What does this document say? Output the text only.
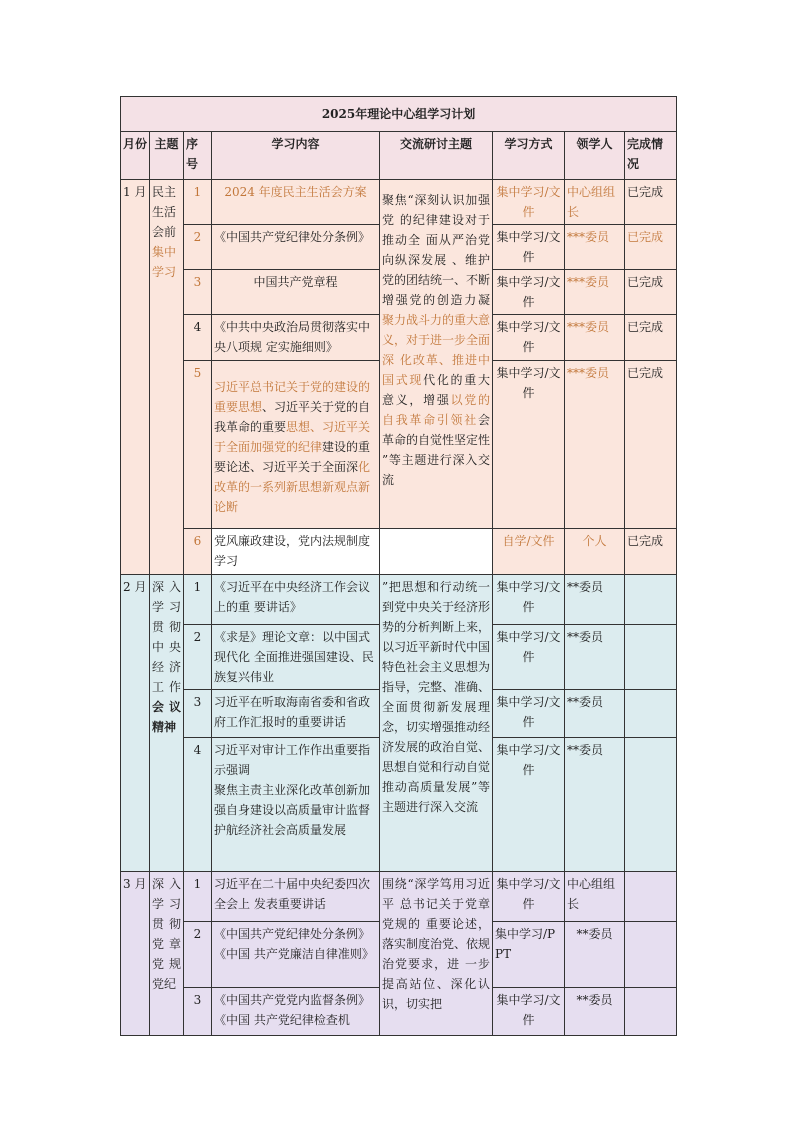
2025年理论中心组学习计划							
月份	主题	序号	学习内容	交流研讨主题	学习方式	领学人	完成情况
1 月	民主生活会前集中学习	1	2024 年度民主生活会方案	聚焦“深刻认识加强党 的纪律建设对于推动全 面从严治党向纵深发展 、维护党的团结统一、不断增强党的创造力凝聚力战斗力的重大意义，对于进一步全面深 化改革、推进中国式现代化的重大意义，增强以党的自我革命引领社会革命的自觉性坚定性 ”等主题进行深入交流	集中学习/文件	中心组组长	已完成
		2	《中国共产党纪律处分条例》		集中学习/文件	***委员	已完成
		3	中国共产党章程		集中学习/文件	***委员	已完成
		4	《中共中央政治局贯彻落实中央八项规 定实施细则》		集中学习/文件	***委员	已完成
		5	习近平总书记关于党的建设的重要思想、习近平关于党的自我革命的重要思想、习近平关于全面加强党的纪律建设的重要论述、习近平关于全面深化改革的一系列新思想新观点新论断		集中学习/文件	***委员	已完成
		6	党风廉政建设，党内法规制度学习		自学/文件	个人	已完成
2 月	深 入 学 习 贯 彻 中 央 经 济 工作会议精神	1	《习近平在中央经济工作会议上的重 要讲话》	”把思想和行动统一到党中央关于经济形势的分析判断上来，以习近平新时代中国特色社会主义思想为指导，完整、准确、全面贯彻新发展理念，切实增强推动经济发展的政治自觉、思想自觉和行动自觉推动高质量发展”等主题进行深入交流	集中学习/文件	**委员	
		2	《求是》理论文章：以中国式现代化 全面推进强国建设、民族复兴伟业		集中学习/文件	**委员	
		3	习近平在听取海南省委和省政府工作汇报时的重要讲话		集中学习/文件	**委员	
		4	习近平对审计工作作出重要指示强调
聚焦主责主业深化改革创新加强自身建设以高质量审计监督护航经济社会高质量发展		集中学习/文件	**委员	
3 月	深 入 学 习 贯 彻 党 章 党 规 党纪	1	习近平在二十届中央纪委四次全会上 发表重要讲话	围绕“深学笃用习近平 总书记关于党章党规的 重要论述，落实制度治党、依规治党要求，进 一步提高站位、深化认 识，切实把	集中学习/文件	中心组组长	
		2	《中国共产党纪律处分条例》《中国 共产党廉洁自律准则》		集中学习/PPT	**委员	
		3	《中国共产党党内监督条例》《中国 共产党纪律检查机		集中学习/文件	**委员	
